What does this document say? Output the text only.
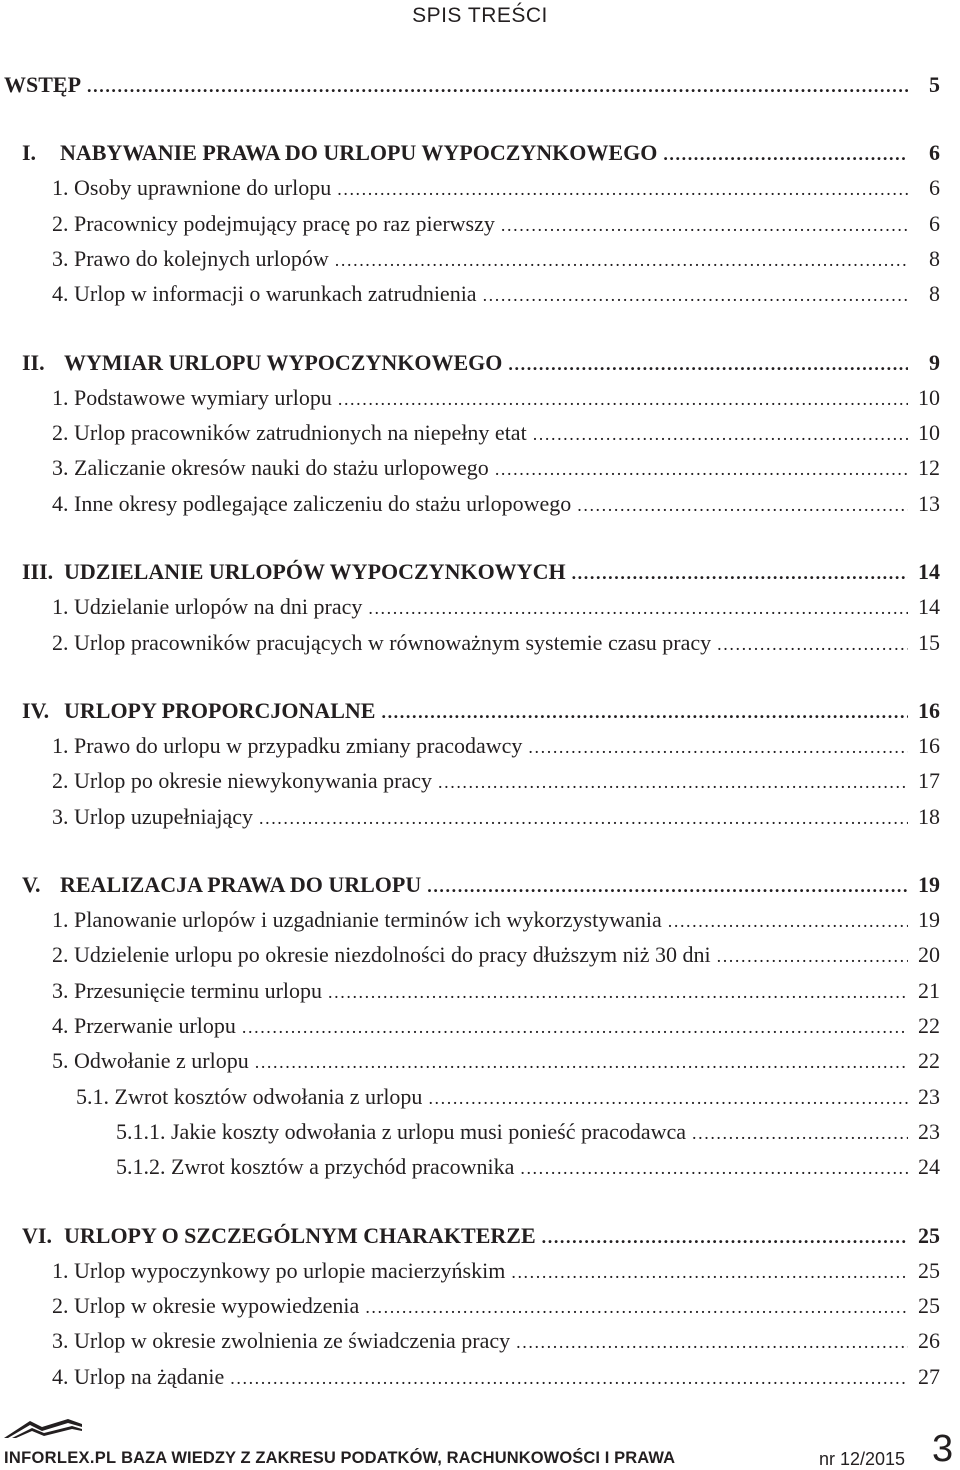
SPIS TREŚCI
WSTĘP .....	5
I.	NABYWANIE PRAWA DO URLOPU WYPOCZYNKOWEGO .....	6
1. Osoby uprawnione do urlopu .....	6
2. Pracownicy podejmujący pracę po raz pierwszy .....	6
3. Prawo do kolejnych urlopów .....	8
4. Urlop w informacji o warunkach zatrudnienia .....	8
II. WYMIAR URLOPU WYPOCZYNKOWEGO .....	9
1. Podstawowe wymiary urlopu .....	10
2. Urlop pracowników zatrudnionych na niepełny etat .....	10
3. Zaliczanie okresów nauki do stażu urlopowego .....	12
4. Inne okresy podlegające zaliczeniu do stażu urlopowego .....	13
III. UDZIELANIE URLOPÓW WYPOCZYNKOWYCH .....	14
1. Udzielanie urlopów na dni pracy .....	14
2. Urlop pracowników pracujących w równoważnym systemie czasu pracy .....	15
IV. URLOPY PROPORCJONALNE .....	16
1. Prawo do urlopu w przypadku zmiany pracodawcy .....	16
2. Urlop po okresie niewykonywania pracy .....	17
3. Urlop uzupełniający .....	18
V. REALIZACJA PRAWA DO URLOPU .....	19
1. Planowanie urlopów i uzgadnianie terminów ich wykorzystywania .....	19
2. Udzielenie urlopu po okresie niezdolności do pracy dłuższym niż 30 dni .....	20
3. Przesunięcie terminu urlopu .....	21
4. Przerwanie urlopu .....	22
5. Odwołanie z urlopu .....	22
5.1. Zwrot kosztów odwołania z urlopu .....	23
5.1.1. Jakie koszty odwołania z urlopu musi ponieść pracodawca .....	23
5.1.2. Zwrot kosztów a przychód pracownika .....	24
VI. URLOPY O SZCZEGÓLNYM CHARAKTERZE .....	25
1. Urlop wypoczynkowy po urlopie macierzyńskim .....	25
2. Urlop w okresie wypowiedzenia .....	25
3. Urlop w okresie zwolnienia ze świadczenia pracy .....	26
4. Urlop na żądanie .....	27
INFORLEX.PL BAZA WIEDZY Z ZAKRESU PODATKÓW, RACHUNKOWOŚCI I PRAWA	nr 12/2015 3
